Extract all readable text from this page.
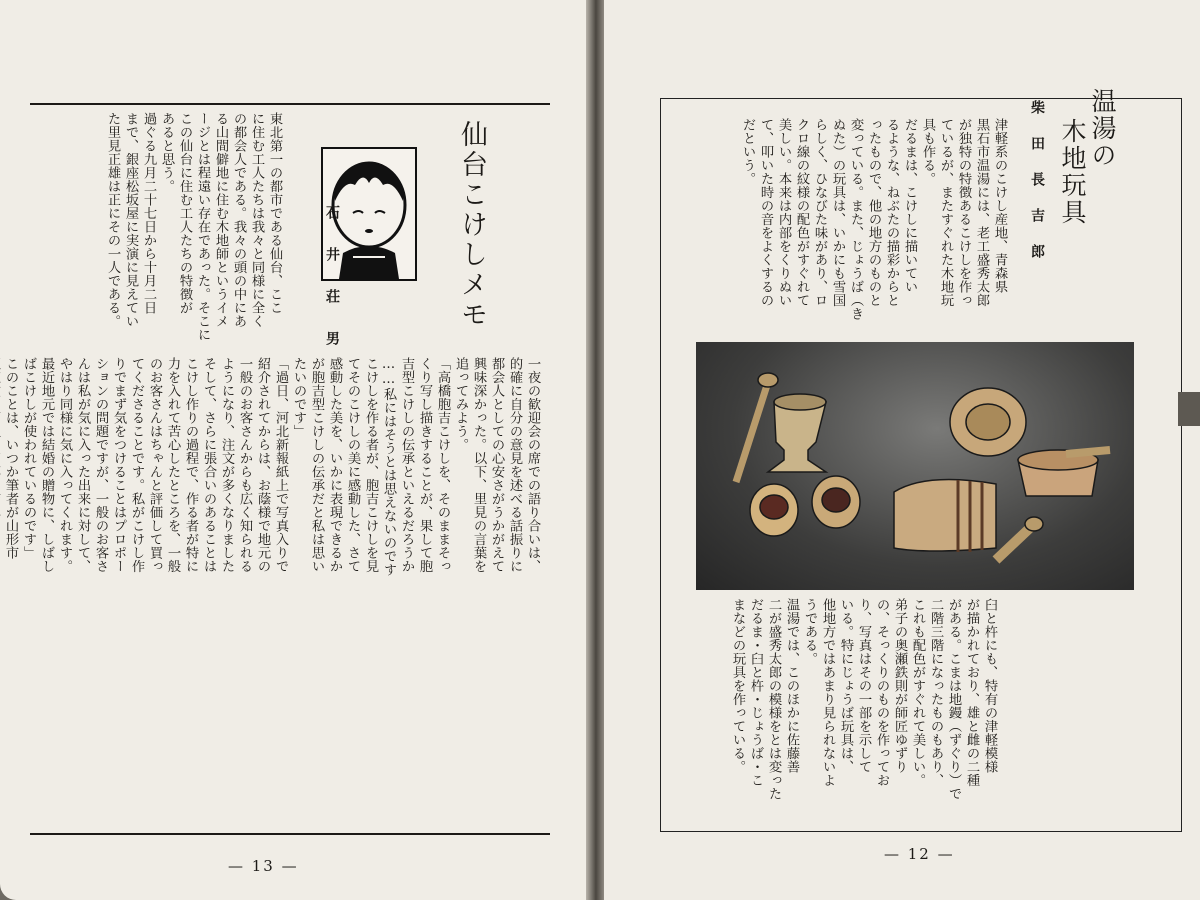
東北第一の都市である仙台、ここ
に住む工人たちは我々と同様に全く
の都会人である。我々の頭の中にあ
る山間僻地に住む木地師というイメ
ージとは程遠い存在であった。そこに
この仙台に住む工人たちの特徴が
あると思う。
過ぐる九月二十七日から十月二日
まで、銀座松坂屋に実演に見えてい
た里見正雄は正にその一人である。	仙台こけしメモ
石 井 荘 男
一夜の歓迎会の席での語り合いは、
的確に自分の意見を述べる話振りに
都会人としての心安さがうかがえて
興味深かった。以下、里見の言葉を
追ってみよう。
「高橋胞吉こけしを、そのままそっ
くり写し描きすることが、果して胞
吉型こけしの伝承といえるだろうか
……私にはそうとは思えないのです
こけしを作る者が、胞吉こけしを見
てそのこけしの美に感動した、さて
感動した美を、いかに表現できるか
が胞吉型こけしの伝承だと私は思い
たいのです」
「過日、河北新報紙上で写真入りで
紹介されてからは、お蔭様で地元の
一般のお客さんからも広く知られる
ようになり、注文が多くなりました
そして、さらに張合いのあることは
こけし作りの過程で、作る者が特に
力を入れて苦心したところを、一般
のお客さんはちゃんと評価して買っ
てくださることです。私がこけし作
りでまず気をつけることはプロポー
ションの問題ですが、一般のお客さ
んは私が気に入った出来に対して、
やはり同様に気に入ってくれます。
最近地元では結婚の贈物に、しばし
ばこけしが使われているのです」
このことは、いつか筆者が山形市

— 13 —
温湯の
木地玩具
柴 田 長 吉 郎
津軽系のこけし産地、青森県
黒石市温湯には、老工盛秀太郎
が独特の特徴あるこけしを作っ
ているが、またすぐれた木地玩
具も作る。
だるまは、こけしに描いてい
るような、ねぶたの描彩からと
ったもので、他の地方のものと
変っている。また、じょうば（き
ぬた）の玩具は、いかにも雪国
らしく、ひなびた味があり、ロ
クロ線の紋様の配色がすぐれて
美しい。本来は内部をくりぬい
て、叩いた時の音をよくするの
だという。
臼と杵にも、特有の津軽模様
が描かれており、雄と雌の二種
がある。こまは地鏝（ずぐり）で
二階三階になったものもあり、
これも配色がすぐれて美しい。
弟子の奥瀬鉄則が師匠ゆずり
の、そっくりのものを作ってお
り、写真はその一部を示して
いる。特にじょうば玩具は、
他地方ではあまり見られないよ
うである。
温湯では、このほかに佐藤善
二が盛秀太郎の模様をとは変った
だるま・臼と杵・じょうば・こ
まなどの玩具を作っている。
— 12 —
